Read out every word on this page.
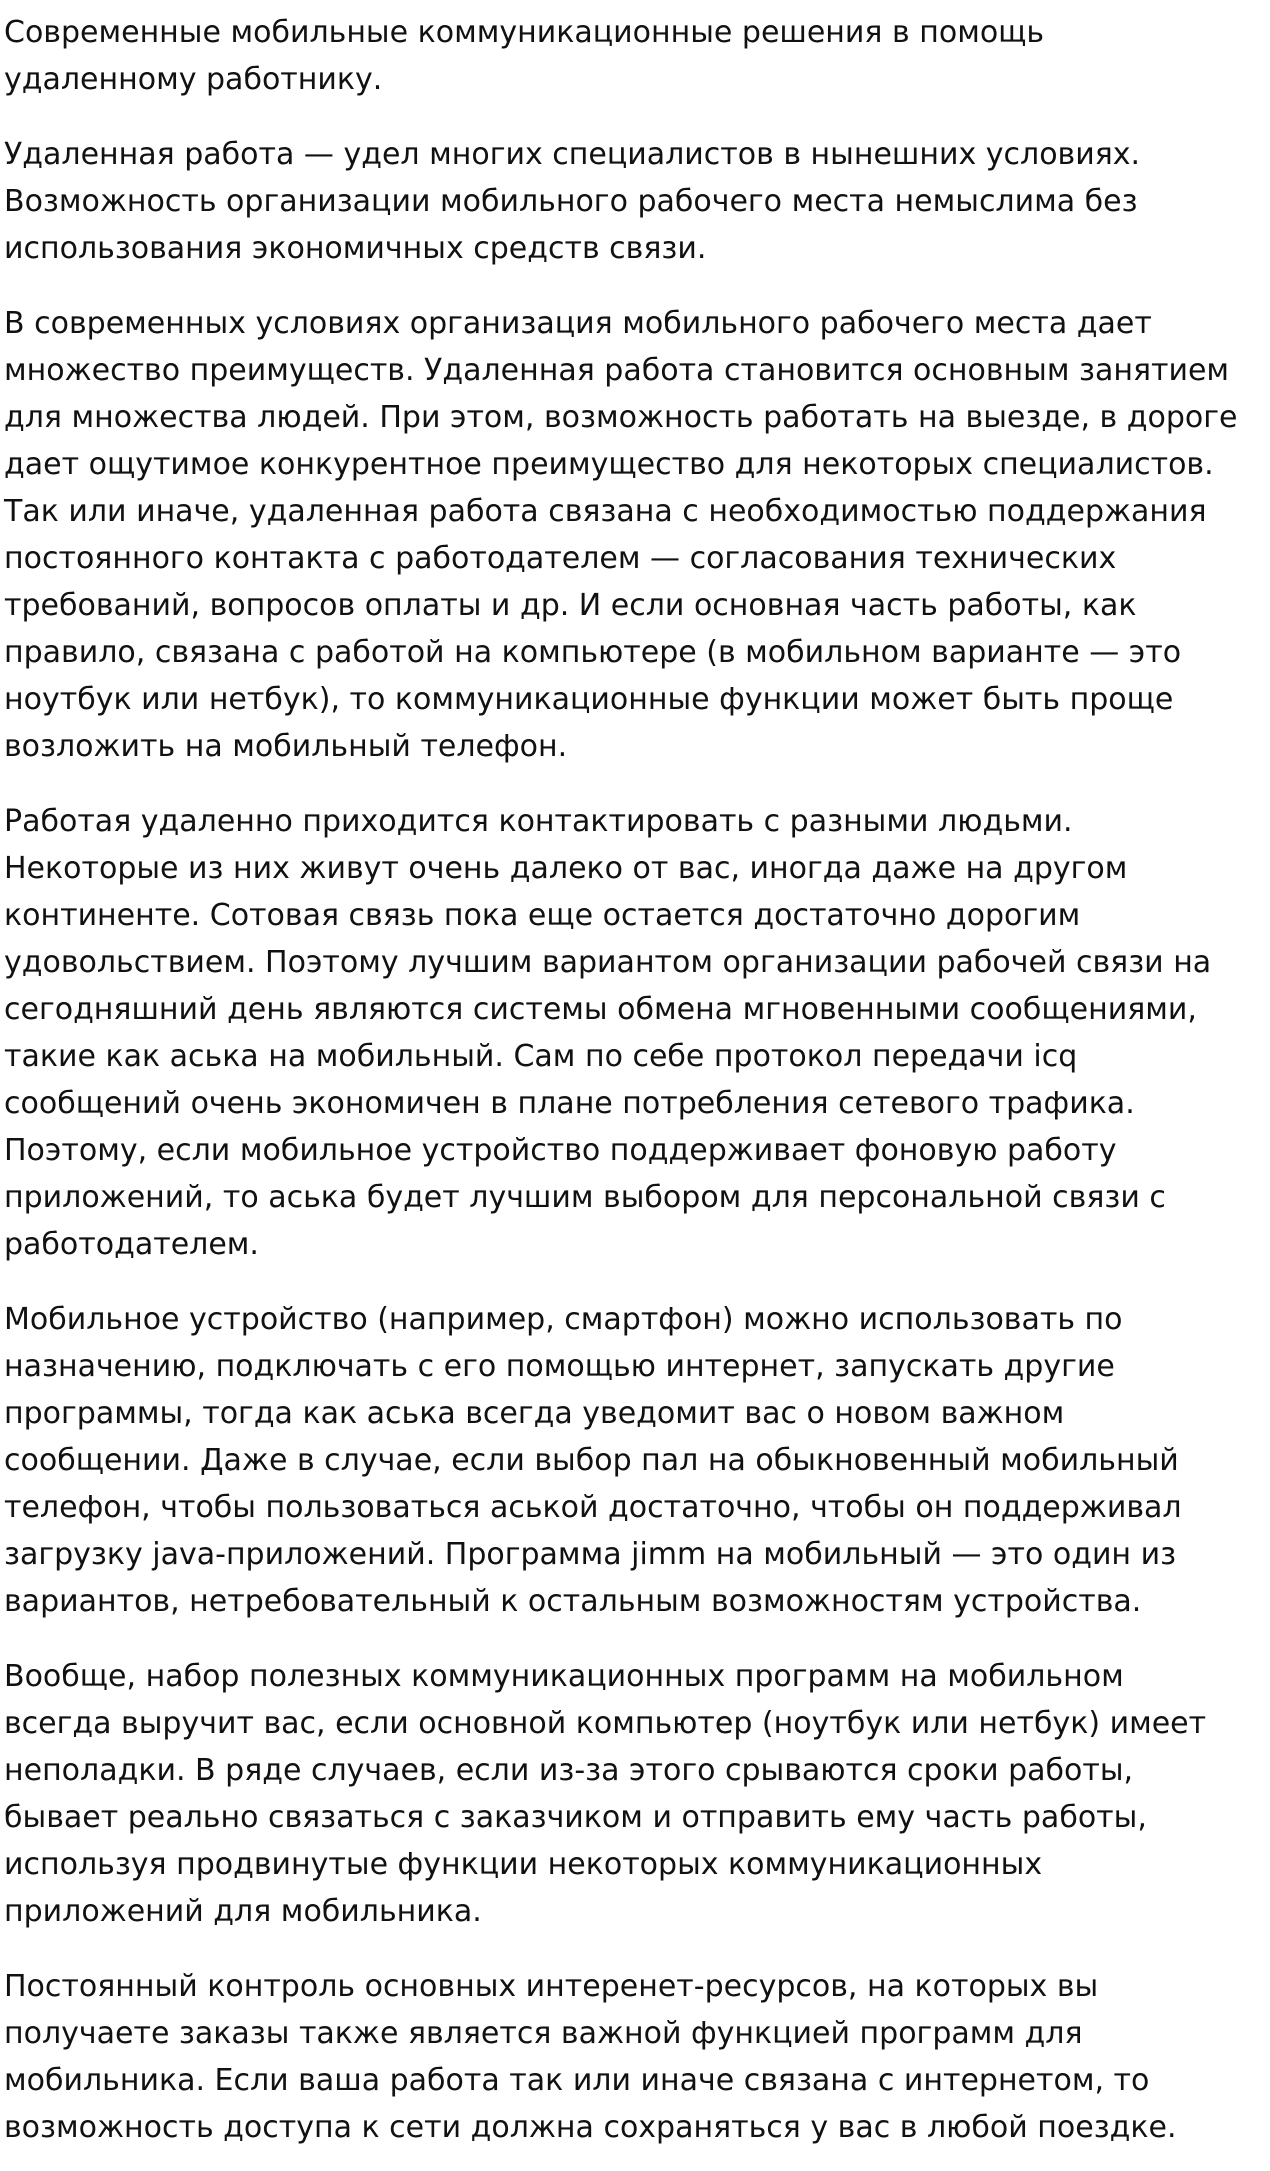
Современные мобильные коммуникационные решения в помощь удаленному работнику.

Удаленная работа — удел многих специалистов в нынешних условиях. Возможность организации мобильного рабочего места немыслима без использования экономичных средств связи.

В современных условиях организация мобильного рабочего места дает множество преимуществ. Удаленная работа становится основным занятием для множества людей. При этом, возможность работать на выезде, в дороге дает ощутимое конкурентное преимущество для некоторых специалистов. Так или иначе, удаленная работа связана с необходимостью поддержания постоянного контакта с работодателем — согласования технических требований, вопросов оплаты и др. И если основная часть работы, как правило, связана с работой на компьютере (в мобильном варианте — это ноутбук или нетбук), то коммуникационные функции может быть проще возложить на мобильный телефон.

Работая удаленно приходится контактировать с разными людьми. Некоторые из них живут очень далеко от вас, иногда даже на другом континенте. Сотовая связь пока еще остается достаточно дорогим удовольствием. Поэтому лучшим вариантом организации рабочей связи на сегодняшний день являются системы обмена мгновенными сообщениями, такие как аська на мобильный. Сам по себе протокол передачи icq сообщений очень экономичен в плане потребления сетевого трафика. Поэтому, если мобильное устройство поддерживает фоновую работу приложений, то аська будет лучшим выбором для персональной связи с работодателем.

Мобильное устройство (например, смартфон) можно использовать по назначению, подключать с его помощью интернет, запускать другие программы, тогда как аська всегда уведомит вас о новом важном сообщении. Даже в случае, если выбор пал на обыкновенный мобильный телефон, чтобы пользоваться аськой достаточно, чтобы он поддерживал загрузку java-приложений. Программа jimm на мобильный — это один из вариантов, нетребовательный к остальным возможностям устройства.

Вообще, набор полезных коммуникационных программ на мобильном всегда выручит вас, если основной компьютер (ноутбук или нетбук) имеет неполадки. В ряде случаев, если из-за этого срываются сроки работы, бывает реально связаться с заказчиком и отправить ему часть работы, используя продвинутые функции некоторых коммуникационных приложений для мобильника.

Постоянный контроль основных интеренет-ресурсов, на которых вы получаете заказы также является важной функцией программ для мобильника. Если ваша работа так или иначе связана с интернетом, то возможность доступа к сети должна сохраняться у вас в любой поездке.
